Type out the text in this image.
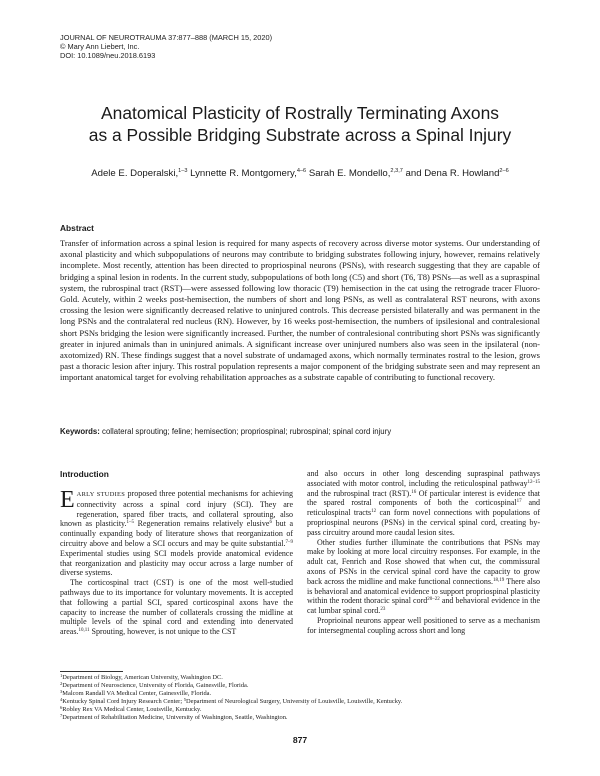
JOURNAL OF NEUROTRAUMA 37:877–888 (MARCH 15, 2020)
© Mary Ann Liebert, Inc.
DOI: 10.1089/neu.2018.6193
Anatomical Plasticity of Rostrally Terminating Axons
as a Possible Bridging Substrate across a Spinal Injury
Adele E. Doperalski,$^{1-3}$ Lynnette R. Montgomery,$^{4-6}$ Sarah E. Mondello,$^{2,3,7}$ and Dena R. Howland$^{2-6}$
Abstract

Transfer of information across a spinal lesion is required for many aspects of recovery across diverse motor systems. Our understanding of axonal plasticity and which subpopulations of neurons may contribute to bridging substrates following injury, however, remains relatively incomplete. Most recently, attention has been directed to propriospinal neurons (PSNs), with research suggesting that they are capable of bridging a spinal lesion in rodents. In the current study, subpopulations of both long (C5) and short (T6, T8) PSNs—as well as a supraspinal system, the rubrospinal tract (RST)—were assessed following low thoracic (T9) hemisection in the cat using the retrograde tracer Fluoro-Gold. Acutely, within 2 weeks post-hemisection, the numbers of short and long PSNs, as well as contralateral RST neurons, with axons crossing the lesion were significantly decreased relative to uninjured controls. This decrease persisted bilaterally and was permanent in the long PSNs and the contralateral red nucleus (RN). However, by 16 weeks post-hemisection, the numbers of ipsilesional and contralesional short PSNs bridging the lesion were significantly increased. Further, the number of contralesional contributing short PSNs was significantly greater in injured animals than in uninjured animals. A significant increase over uninjured numbers also was seen in the ipsilateral (non-axotomized) RN. These findings suggest that a novel substrate of undamaged axons, which normally terminates rostral to the lesion, grows past a thoracic lesion after injury. This rostral population represents a major component of the bridging substrate seen and may represent an important anatomical target for evolving rehabilitation approaches as a substrate capable of contributing to functional recovery.

Keywords: collateral sprouting; feline; hemisection; propriospinal; rubrospinal; spinal cord injury
Introduction

EARLY STUDIES proposed three potential mechanisms for achieving connectivity across a spinal cord injury (SCI). They are regeneration, spared fiber tracts, and collateral sprouting, also known as plasticity.$^{1-5}$ Regeneration remains relatively elusive$^6$ but a continually expanding body of literature shows that reorganization of circuitry above and below a SCI occurs and may be quite substantial.$^{7-9}$ Experimental studies using SCI models provide anatomical evidence that reorganization and plasticity may occur across a large number of diverse systems.

The corticospinal tract (CST) is one of the most well-studied pathways due to its importance for voluntary movements. It is accepted that following a partial SCI, spared corticospinal axons have the capacity to increase the number of collaterals crossing the midline at multiple levels of the spinal cord and extending into denervated areas.$^{10,11}$ Sprouting, however, is not unique to the CST

and also occurs in other long descending supraspinal pathways associated with motor control, including the reticulospinal pathway$^{12-15}$ and the rubrospinal tract (RST).$^{16}$ Of particular interest is evidence that the spared rostral components of both the corticospinal$^{17}$ and reticulospinal tracts$^{12}$ can form novel connections with populations of propriospinal neurons (PSNs) in the cervical spinal cord, creating by-pass circuitry around more caudal lesion sites.

Other studies further illuminate the contributions that PSNs may make by looking at more local circuitry responses. For example, in the adult cat, Fenrich and Rose showed that when cut, the commissural axons of PSNs in the cervical spinal cord have the capacity to grow back across the midline and make functional connections.$^{18,19}$ There also is behavioral and anatomical evidence to support propriospinal plasticity within the rodent thoracic spinal cord$^{20-22}$ and behavioral evidence in the cat lumbar spinal cord.$^{23}$

Proprioinal neurons appear well positioned to serve as a mechanism for intersegmental coupling across short and long

$^1$Department of Biology, American University, Washington DC.
$^2$Department of Neuroscience, University of Florida, Gainesville, Florida.
$^3$Malcom Randall VA Medical Center, Gainesville, Florida.
$^4$Kentucky Spinal Cord Injury Research Center; $^5$Department of Neurological Surgery, University of Louisville, Louisville, Kentucky.
$^6$Robley Rex VA Medical Center, Louisville, Kentucky.
$^7$Department of Rehabilitation Medicine, University of Washington, Seattle, Washington.
877
